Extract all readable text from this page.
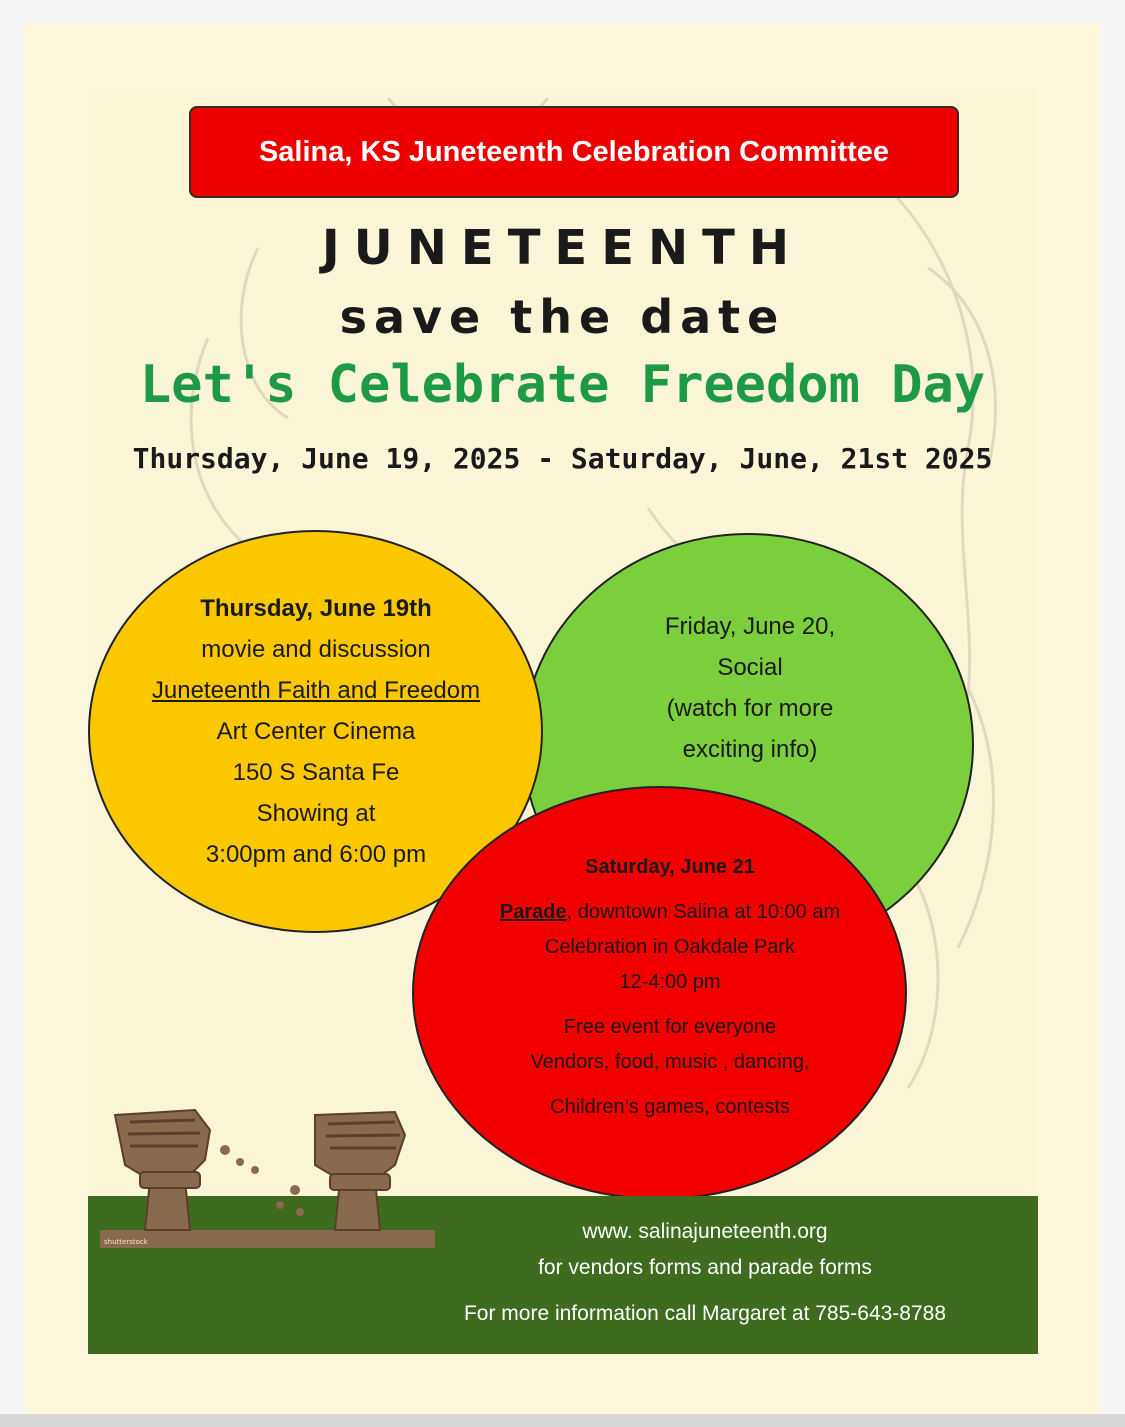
Salina, KS Juneteenth Celebration Committee
JUNETEENTH
save the date
Let's Celebrate Freedom Day
Thursday, June 19, 2025 - Saturday, June, 21st 2025
Thursday, June 19th
movie and discussion
Juneteenth Faith and Freedom
Art Center Cinema
150 S Santa Fe
Showing at
3:00pm and 6:00 pm
Friday, June 20,
Social
(watch for more
exciting info)
Saturday, June 21
Parade, downtown Salina at 10:00 am
Celebration in Oakdale Park
12-4:00 pm
Free event for everyone
Vendors, food, music , dancing,
Children’s games, contests
shutterstock	www. salinajuneteenth.org
for vendors forms and parade forms
For more information call Margaret at 785-643-8788
